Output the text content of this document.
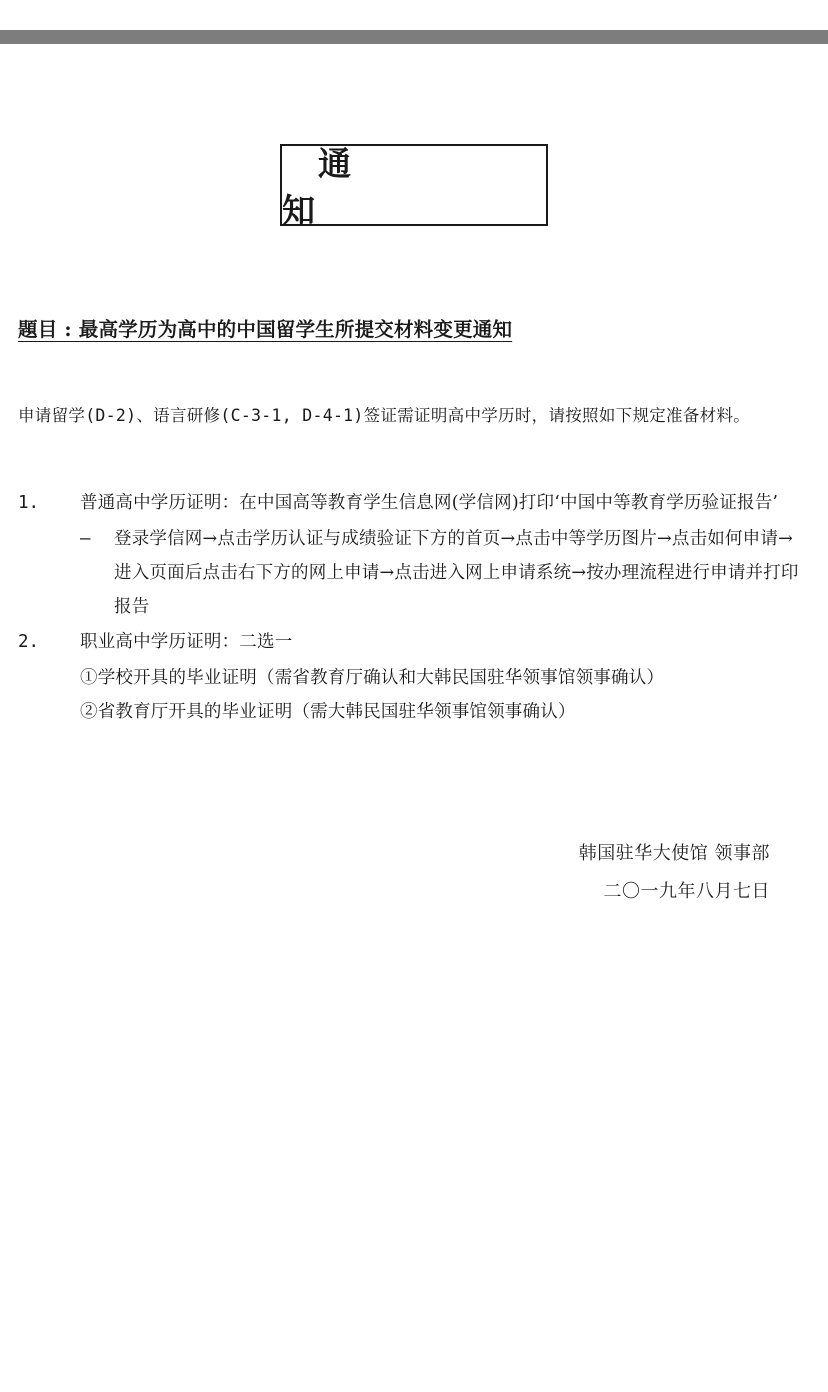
通　　知
題目 : 最高学历为高中的中国留学生所提交材料变更通知
申请留学(D-2)、语言研修(C-3-1, D-4-1)签证需证明高中学历时，请按照如下规定准备材料。
1.	普通高中学历证明：在中国高等教育学生信息网(学信网)打印‘中国中等教育学历验证报告’
–	登录学信网→点击学历认证与成绩验证下方的首页→点击中等学历图片→点击如何申请→进入页面后点击右下方的网上申请→点击进入网上申请系统→按办理流程进行申请并打印报告
2.	职业高中学历证明：二选一
①学校开具的毕业证明（需省教育厅确认和大韩民国驻华领事馆领事确认）
②省教育厅开具的毕业证明（需大韩民国驻华领事馆领事确认）
韩国驻华大使馆 领事部
二〇一九年八月七日
